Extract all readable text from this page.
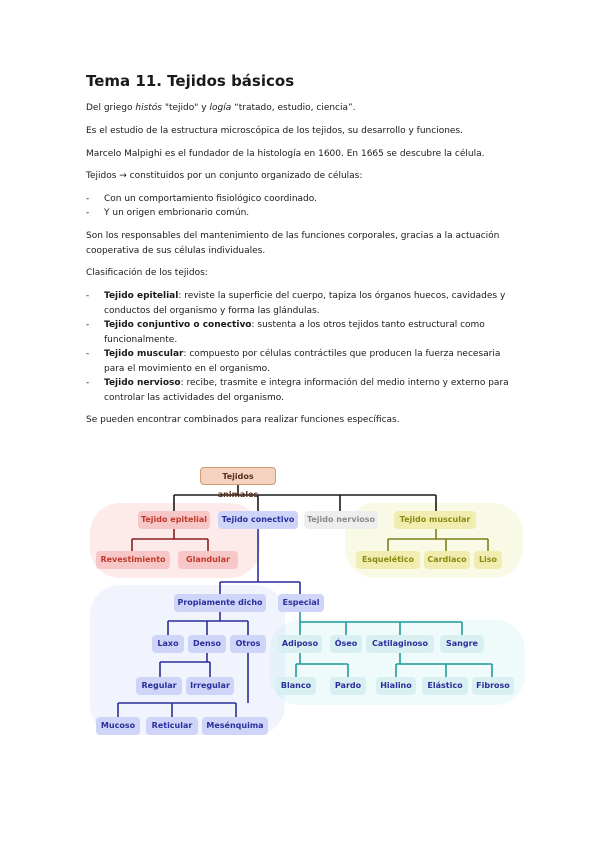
Tema 11. Tejidos básicos
Del griego histós "tejido" y logía “tratado, estudio, ciencia”.
Es el estudio de la estructura microscópica de los tejidos, su desarrollo y funciones.
Marcelo Malpighi es el fundador de la histología en 1600. En 1665 se descubre la célula.
Tejidos → constituidos por un conjunto organizado de células:
-	Con un comportamiento fisiológico coordinado.
-	Y un origen embrionario común.
Son los responsables del mantenimiento de las funciones corporales, gracias a la actuación cooperativa de sus células individuales.
Clasificación de los tejidos:
-	Tejido epitelial: reviste la superficie del cuerpo, tapiza los órganos huecos, cavidades y conductos del organismo y forma las glándulas.
-	Tejido conjuntivo o conectivo: sustenta a los otros tejidos tanto estructural como funcionalmente.
-	Tejido muscular: compuesto por células contráctiles que producen la fuerza necesaria para el movimiento en el organismo.
-	Tejido nervioso: recibe, trasmite e integra información del medio interno y externo para controlar las actividades del organismo.
Se pueden encontrar combinados para realizar funciones específicas.
Tejidos animales
Tejido epitelial	Tejido conectivo	Tejido nervioso	Tejido muscular
Revestimiento	Glandular	Esquelético	Cardiaco	Liso
Propiamente dicho	Especial
Laxo	Denso	Otros	Adiposo	Óseo	Catilaginoso	Sangre
Regular	Irregular	Blanco	Pardo	Hialino	Elástico	Fibroso
Mucoso	Reticular	Mesénquima
